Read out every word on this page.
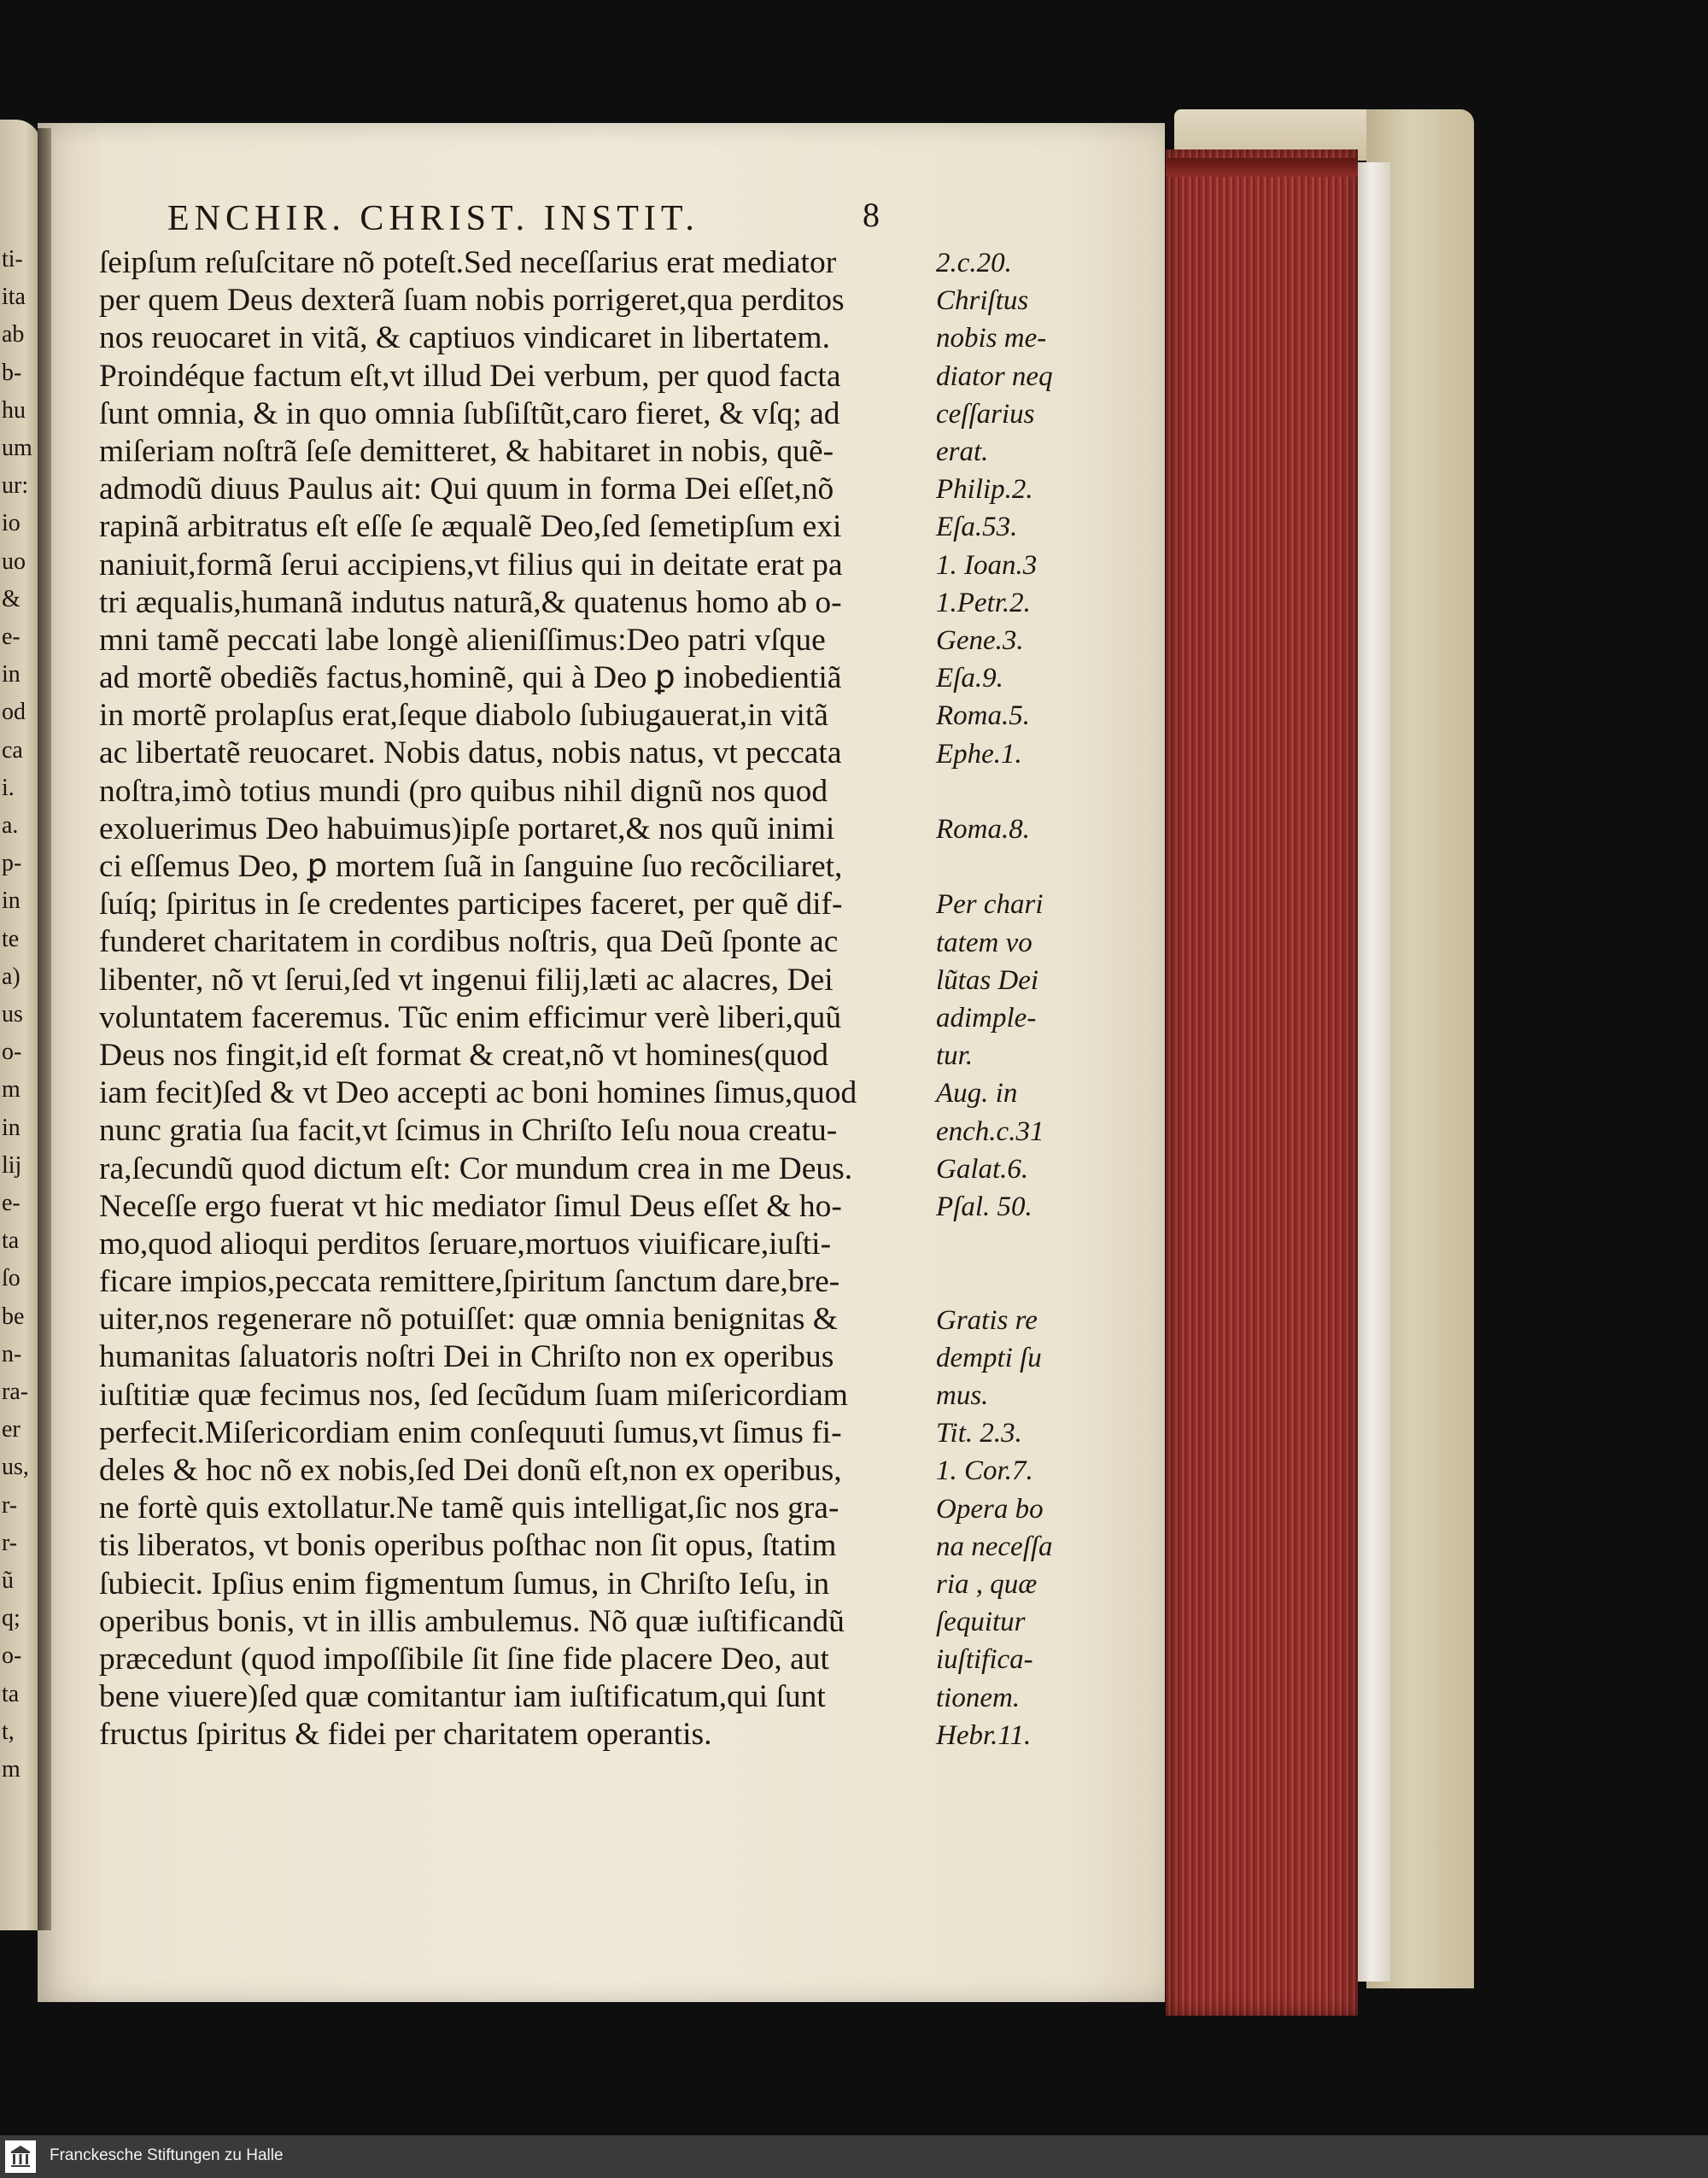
ti-
ita
ab
b-
hu
um
ur:
io
uo
&
e-
in
od
ca
i.
a.
p-
in
te
a)
us
o-
m
in
lij
e-
ta
ſo
be
n-
ra-
er
us,
r-
r-
ũ
q;
o-
ta
t,
m
ENCHIR. CHRIST. INSTIT.	8
ſeipſum reſuſcitare nõ poteſt.Sed neceſſarius erat mediator
per quem Deus dexterã ſuam nobis porrigeret,qua perditos
nos reuocaret in vitã, & captiuos vindicaret in libertatem.
Proindéque factum eſt,vt illud Dei verbum, per quod facta
ſunt omnia, & in quo omnia ſubſiſtũt,caro fieret, & vſq; ad
miſeriam noſtrã ſeſe demitteret, & habitaret in nobis, quẽ-
admodũ diuus Paulus ait: Qui quum in forma Dei eſſet,nõ
rapinã arbitratus eſt eſſe ſe æqualẽ Deo,ſed ſemetipſum exi
naniuit,formã ſerui accipiens,vt filius qui in deitate erat pa
tri æqualis,humanã indutus naturã,& quatenus homo ab o-
mni tamẽ peccati labe longè alieniſſimus:Deo patri vſque
ad mortẽ obediẽs factus,hominẽ, qui à Deo ꝑ inobedientiã
in mortẽ prolapſus erat,ſeque diabolo ſubiugauerat,in vitã
ac libertatẽ reuocaret. Nobis datus, nobis natus, vt peccata
noſtra,imò totius mundi (pro quibus nihil dignũ nos quod
exoluerimus Deo habuimus)ipſe portaret,& nos quũ inimi
ci eſſemus Deo, ꝑ mortem ſuã in ſanguine ſuo recõciliaret,
ſuíq; ſpiritus in ſe credentes participes faceret, per quẽ dif-
funderet charitatem in cordibus noſtris, qua Deũ ſponte ac
libenter, nõ vt ſerui,ſed vt ingenui filij,læti ac alacres, Dei
voluntatem faceremus. Tũc enim efficimur verè liberi,quũ
Deus nos fingit,id eſt format & creat,nõ vt homines(quod
iam fecit)ſed & vt Deo accepti ac boni homines ſimus,quod
nunc gratia ſua facit,vt ſcimus in Chriſto Ieſu noua creatu-
ra,ſecundũ quod dictum eſt: Cor mundum crea in me Deus.
Neceſſe ergo fuerat vt hic mediator ſimul Deus eſſet & ho-
mo,quod alioqui perditos ſeruare,mortuos viuificare,iuſti-
ficare impios,peccata remittere,ſpiritum ſanctum dare,bre-
uiter,nos regenerare nõ potuiſſet: quæ omnia benignitas &
humanitas ſaluatoris noſtri Dei in Chriſto non ex operibus
iuſtitiæ quæ fecimus nos, ſed ſecũdum ſuam miſericordiam
perfecit.Miſericordiam enim conſequuti ſumus,vt ſimus fi-
deles & hoc nõ ex nobis,ſed Dei donũ eſt,non ex operibus,
ne fortè quis extollatur.Ne tamẽ quis intelligat,ſic nos gra-
tis liberatos, vt bonis operibus poſthac non ſit opus, ſtatim
ſubiecit. Ipſius enim figmentum ſumus, in Chriſto Ieſu, in
operibus bonis, vt in illis ambulemus. Nõ quæ iuſtificandũ
præcedunt (quod impoſſibile ſit ſine fide placere Deo, aut
bene viuere)ſed quæ comitantur iam iuſtificatum,qui ſunt
fructus ſpiritus & fidei per charitatem operantis.
2.c.20.
Chriſtus
nobis me-
diator neq
ceſſarius
erat.
Philip.2.
Eſa.53.
1. Ioan.3
1.Petr.2.
Gene.3.
Eſa.9.
Roma.5.
Ephe.1.
Roma.8.
Per chari
tatem vo
lũtas Dei
adimple-
tur.
Aug. in
ench.c.31
Galat.6.
Pſal. 50.
Gratis re
dempti ſu
mus.
Tit. 2.3.
1. Cor.7.
Opera bo
na neceſſa
ria , quæ
ſequitur
iuſtifica-
tionem.
Hebr.11.
Franckesche Stiftungen zu Halle
